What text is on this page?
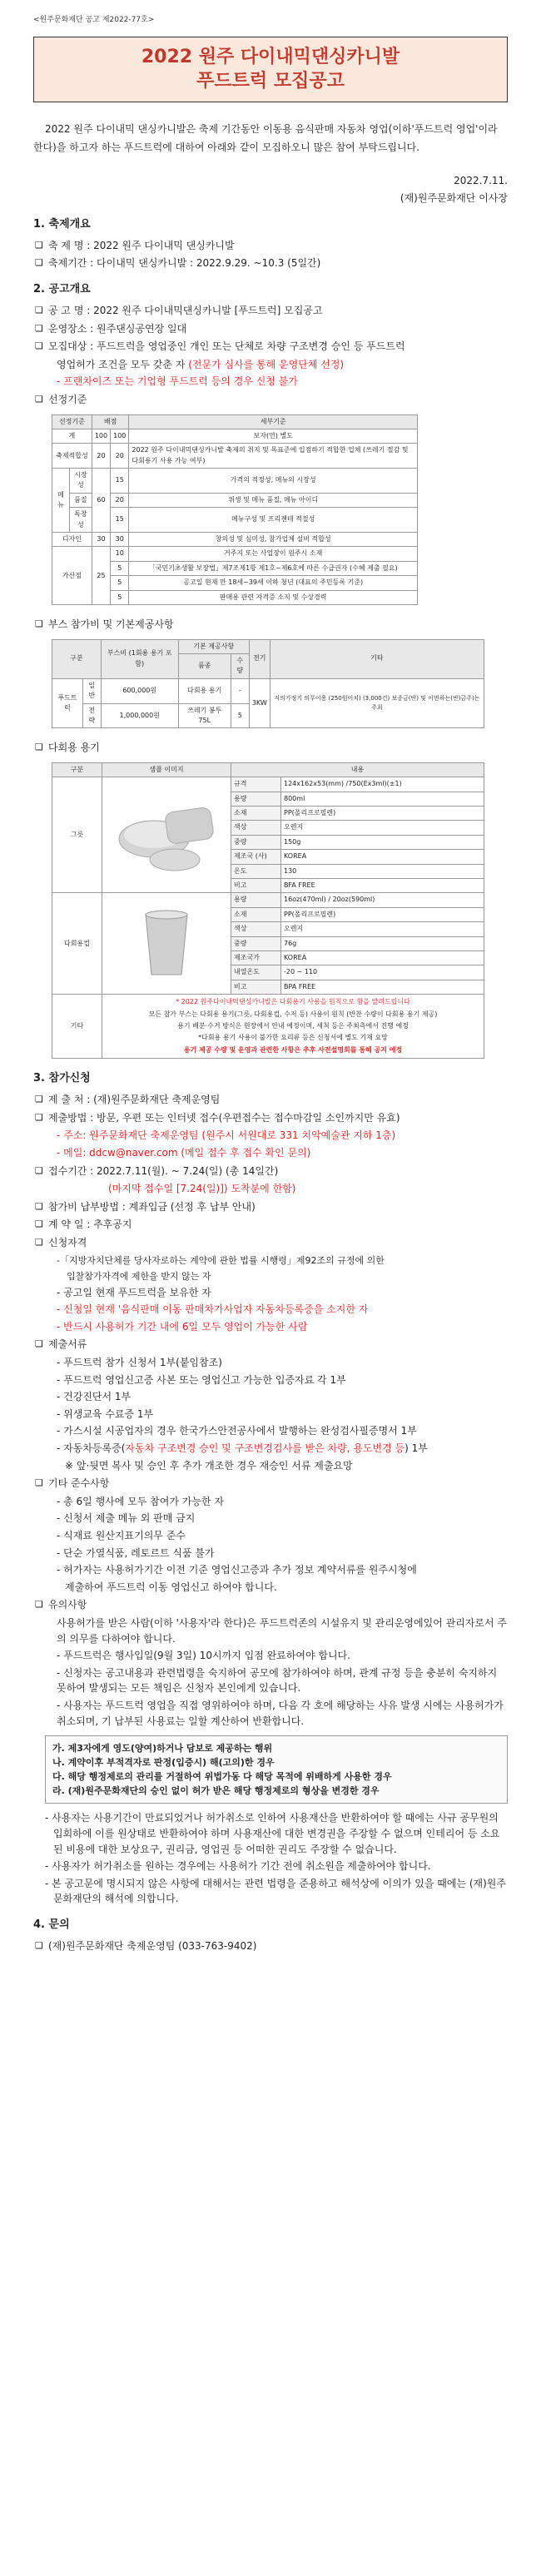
<원주문화재단 공고 제2022-77호>
2022 원주 다이내믹댄싱카니발
푸드트럭 모집공고

2022 원주 다이내믹 댄싱카니발은 축제 기간동안 이동용 음식판매 자동차 영업(이하'푸드트럭 영업'이라 한다)을 하고자 하는 푸드트럭에 대하여 아래와 같이 모집하오니 많은 참여 부탁드립니다.

2022.7.11.
(재)원주문화재단 이사장
1. 축제개요
❏ 축 제 명 : 2022 원주 다이내믹 댄싱카니발
❏ 축제기간 : 다이내믹 댄싱카니발 : 2022.9.29. ~10.3 (5일간)
2. 공고개요
❏ 공 고 명 : 2022 원주 다이내믹댄싱카니발 [푸드트럭] 모집공고
❏ 운영장소 : 원주댄싱공연장 일대
❏ 모집대상 : 푸드트럭을 영업중인 개인 또는 단체로 차량 구조변경 승인 등 푸드트럭
영업허가 조건을 모두 갖춘 자 (전문가 심사를 통해 운영단체 선정)
- 프랜차이즈 또는 기업형 푸드트럭 등의 경우 신청 불가
❏ 선정기준
선정기준		배점		세부기준
계		100	100	보자(연) 별도
축제적합성		20	20	2022 원주 다이내믹댄싱카니발 축제의 취지 및 목표준에 입점하기 적합한 업체 (쓰레기 절감 및 다회용기 사용 가능 여부)
메뉴	시장성	60	15	가격의 적정성, 메뉴의 시장성
	품질		20	위생 및 메뉴 품질, 메뉴 아이디
	독창성		15	메뉴구성 및 프리젠테 적절성
디자인		30	30	창의성 및 심미성, 참가업체 설비 적합성
가산점		25	10	거주지 또는 사업장이 원주시 소재
			5	「국민기초생활 보장법」제7조제1항 제1호~제6호에 따른 수급권자 (수혜 제출 필요)
			5	공고일 현재 만 18세~39세 이하 청년 (대표의 주민등록 기준)
			5	판매용 관련 자격증 소지 및 수상경력
❏ 부스 참가비 및 기본제공사항
구분		부스비 (1회용 용기 포함)	기본 제공사항		전기	기타
			품종	수량		
푸드트럭	일반	600,000원	다회용 용기	-	3KW	저의가정기 의무이용 (250원어치) (3,000건) 보증금(반) 및 이면하는(반)금주)는 주최
	전략	1,000,000원	쓰레기 봉투 75L	5		
❏ 다회용 용기
구분	샘플 이미지	내용	
그릇		규격	124x162x53(mm) /750(Ex3ml)(±1)
		용량	800ml
		소재	PP(폴리프로필렌)
		색상	오렌지
		중량	150g
		제조국 (사)	KOREA
		온도	130
		비고	BFA FREE
다회용컵		용량	16oz(470ml) / 20oz(590ml)
		소재	PP(폴리프로필렌)
		색상	오렌지
		중량	76g
		제조국가	KOREA
		내열온도	-20 ~ 110
		비고	BPA FREE
기타	* 2022 원주다이내믹댄싱카니발은 다회용기 사용을 원칙으로 함을 알려드립니다
모든 참가 부스는 다회용 용기(그릇, 다회용컵, 수저 등) 사용이 원칙 (반찬 수량이 다회용 용기 제공)
용기 배분·수거 방식은 현장에서 안내 예정이며, 세척 등은 주최측에서 진행 예정
*다회용 용기 사용이 불가한 요리류 등은 신청서에 별도 기재 요망
용기 제공 수량 및 운영과 관련한 사항은 추후 사전설명회를 통해 공지 예정		
3. 참가신청
❏ 제 출 처 : (재)원주문화재단 축제운영팀
❏ 제출방법 : 방문, 우편 또는 인터넷 접수(우편접수는 접수마감일 소인까지만 유효)
- 주소: 원주문화재단 축제운영팀 (원주시 서원대로 331 치악예술관 지하 1층)
- 메일: ddcw@naver.com (메일 접수 후 접수 확인 문의)
❏ 접수기간 : 2022.7.11(월). ~ 7.24(일) (총 14일간)
(마지막 접수일 [7.24(일)]) 도착분에 한함)
❏ 참가비 납부방법 : 계좌입금 (선정 후 납부 안내)
❏ 계 약 일 : 추후공지
❏ 신청자격
-「지방자치단체를 당사자로하는 계약에 관한 법률 시행령」제92조의 규정에 의한
입찰참가자격에 제한을 받지 않는 자
- 공고일 현재 푸드트럭을 보유한 자
- 신청일 현재 '음식판매 이동 판매차가사업자 자동차등록증을 소지한 자
- 반드시 사용허가 기간 내에 6일 모두 영업이 가능한 사람
❏ 제출서류
- 푸드트럭 참가 신청서 1부(붙임참조)
- 푸드트럭 영업신고증 사본 또는 영업신고 가능한 입증자료 각 1부
- 건강진단서 1부
- 위생교육 수료증 1부
- 가스시설 시공업자의 경우 한국가스안전공사에서 발행하는 완성검사필증명서 1부
- 자동차등록증(자동차 구조변경 승인 및 구조변경검사를 받은 차량, 용도변경 등) 1부
※ 앞·뒷면 복사 및 승인 후 추가 개조한 경우 재승인 서류 제출요망
❏ 기타 준수사항
- 총 6일 행사에 모두 참여가 가능한 자
- 신청서 제출 메뉴 외 판매 금지
- 식재료 원산지표기의무 준수
- 단순 가열식품, 레토르트 식품 불가
- 허가자는 사용허가기간 이전 기준 영업신고증과 추가 정보 계약서류를 원주시청에
제출하여 푸드트럭 이동 영업신고 하여야 합니다.
❏ 유의사항
사용허가를 받은 사람(이하 '사용자'라 한다)은 푸드트럭존의 시설유지 및 관리운영에있어 관리자로서 주의 의무를 다하여야 합니다.
- 푸드트럭은 행사입일(9월 3일) 10시까지 입점 완료하여야 합니다.
- 신청자는 공고내용과 관련법령을 숙지하여 공모에 참가하여야 하며, 관계 규정 등을 충분히 숙지하지 못하여 발생되는 모든 책임은 신청자 본인에게 있습니다.
- 사용자는 푸드트럭 영업을 직접 영위하여야 하며, 다음 각 호에 해당하는 사유 발생 시에는 사용허가가 취소되며, 기 납부된 사용료는 일할 계산하여 반환합니다.
가. 제3자에게 영도(양여)하거나 담보로 제공하는 행위
나. 계약이후 부적격자로 판정(입증시) 해(고의)한 경우
다. 해당 행정제로의 관리를 거절하여 위법가동 다 해당 목적에 위배하게 사용한 경우
라. (재)원주문화재단의 승인 없이 허가 받은 해당 행정제로의 형상을 변경한 경우
- 사용자는 사용기간이 만료되었거나 허가취소로 인하여 사용재산을 반환하여야 할 때에는 사규 공무원의 입회하에 이를 원상태로 반환하여야 하며 사용재산에 대한 변경권을 주장할 수 없으며 인테리어 등 소요된 비용에 대한 보상요구, 권리금, 영업권 등 어떠한 권리도 주장할 수 없습니다.
- 사용자가 허가취소를 원하는 경우에는 사용허가 기간 전에 취소원을 제출하여야 합니다.
- 본 공고문에 명시되지 않은 사항에 대해서는 관련 법령을 준용하고 해석상에 이의가 있을 때에는 (재)원주문화재단의 해석에 의합니다.
4. 문의
❏ (재)원주문화재단 축제운영팀 (033-763-9402)
